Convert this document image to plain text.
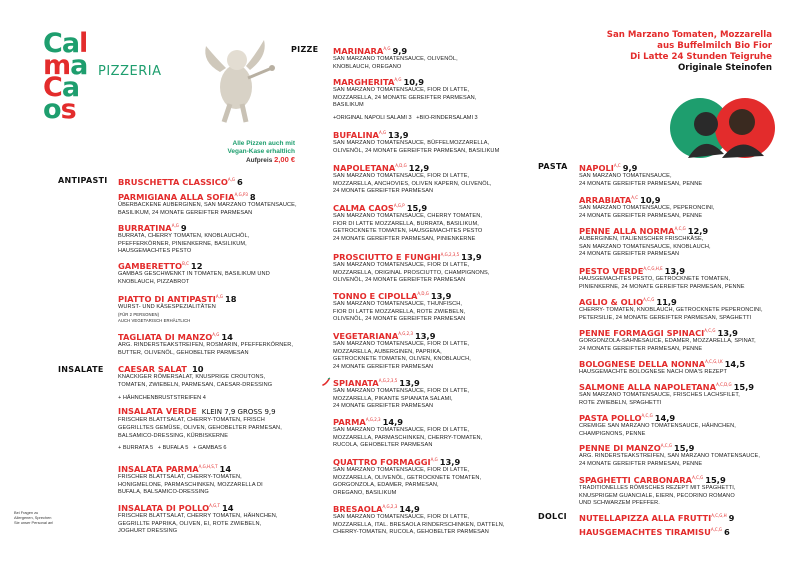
Cal
ma
Ca
os
PIZZERIA
Alle Pizzen auch mit
Vegan-Kase erhaltlich
Aufpreis 2,00 €
San Marzano Tomaten, Mozzarella
aus Buffelmilch Bio Fior
Di Latte 24 Stunden Teigruhe
Originale Steinofen
ANTIPASTI
INSALATE
PIZZE
PASTA
DOLCI
BRUSCHETTA $CLASSICO^{A,G}$ 6
PARMIGIANA ALLA $SOFIA^{A,G,P3}$ 8
ÜBERBACKENE AUBERGINEN, SAN MARZANO TOMATENSAUCE,
BASILIKUM, 24 MONATE GEREIFTER PARMESAN
$BURRATINA^{A,G}$ 9
BURRATA, CHERRY TOMATEN, KNOBLAUCHÖL,
PFEFFERKÖRNER, PINIENKERNE, BASILIKUM,
HAUSGEMACHTES PESTO
$GAMBERETTO^{B,C}$ 12
GAMBAS GESCHWENKT IN TOMATEN, BASILIKUM UND
KNOBLAUCH, PIZZABROT
PIATTO DI $ANTIPASTI^{A,G}$ 18
WURST- UND KÄSESPEZIALITÄTEN
(FÜR 2 PERSONEN)
AUCH VEGETARISCH ERHÄLTLICH
TAGLIATA DI $MANZO^{A,G}$ 14
ARG. RINDERSTEAKSTREIFEN, ROSMARIN, PFEFFERKÖRNER,
BUTTER, OLIVENÖL, GEHOBELTER PARMESAN
CAESAR SALAT 10
KNACKIGER RÖMERSALAT, KNUSPRIGE CROUTONS,
TOMATEN, ZWIEBELN, PARMESAN, CAESAR-DRESSING
+ HÄHNCHENBRUSTSTREIFEN 4
INSALATA VERDE KLEIN 7,9 GROSS 9,9
FRISCHER BLATTSALAT, CHERRY-TOMATEN, FRISCH
GEGRILLTES GEMÜSE, OLIVEN, GEHOBELTER PARMESAN,
BALSAMICO-DRESSING, KÜRBISKERNE
+ BURRATA 5 + BUFALA 5 + GAMBAS 6
INSALATA $PARMA^{A,G,H,S,T}$ 14
FRISCHER BLATTSALAT, CHERRY-TOMATEN,
HONIGMELONE, PARMASCHINKEN, MOZZARELLA DI
BUFALA, BALSAMICO-DRESSING
INSALATA DI $POLLO^{A,G,T}$ 14
FRISCHER BLATTSALAT, CHERRY TOMATEN, HÄHNCHEN,
GEGRILLTE PAPRIKA, OLIVEN, EI, ROTE ZWIEBELN,
JOGHURT DRESSING
$MARINARA^{A,G}$ 9,9
SAN MARZANO TOMATENSAUCE, OLIVENÖL,
KNOBLAUCH, OREGANO
$MARGHERITA^{A,G}$ 10,9
SAN MARZANO TOMATENSAUCE, FIOR DI LATTE,
MOZZARELLA, 24 MONATE GEREIFTER PARMESAN,
BASILIKUM
+ORIGINAL NAPOLI SALAMI 3 +BIO-RINDERSALAMI 3
$BUFALINA^{A,G}$ 13,9
SAN MARZANO TOMATENSAUCE, BÜFFELMOZZARELLA,
OLIVENÖL, 24 MONATE GEREIFTER PARMESAN, BASILIKUM
$NAPOLETANA^{A,D,G}$ 12,9
SAN MARZANO TOMATENSAUCE, FIOR DI LATTE,
MOZZARELLA, ANCHOVIES, OLIVEN KAPERN, OLIVENÖL,
24 MONATE GEREIFTER PARMESAN
CALMA $CAOS^{A,G,P}$ 15,9
SAN MARZANO TOMATENSAUCE, CHERRY TOMATEN,
FIOR DI LATTE MOZZARELLA, BURRATA, BASILIKUM,
GETROCKNETE TOMATEN, HAUSGEMACHTES PESTO
24 MONATE GEREIFTER PARMESAN, PINIENKERNE
PROSCIUTTO E $FUNGHI^{A,G,2,3,5}$ 13,9
SAN MARZANO TOMATENSAUCE, FIOR DI LATTE,
MOZZARELLA, ORIGINAL PROSCIUTTO, CHAMPIGNONS,
OLIVENÖL, 24 MONATE GEREIFTER PARMESAN
TONNO E $CIPOLLA^{A,D,G}$ 13,9
SAN MARZANO TOMATENSAUCE, THUNFISCH,
FIOR DI LATTE MOZZARELLA, ROTE ZWIEBELN,
OLIVENÖL, 24 MONATE GEREIFTER PARMESAN
$VEGETARIANA^{A,G,2,3}$ 13,9
SAN MARZANO TOMATENSAUCE, FIOR DI LATTE,
MOZZARELLA, AUBERGINEN, PAPRIKA,
GETROCKNETE TOMATEN, OLIVEN, KNOBLAUCH,
24 MONATE GEREIFTER PARMESAN
$SPIANATA^{A,G,2,3,5}$ 13,9
SAN MARZANO TOMATENSAUCE, FIOR DI LATTE,
MOZZARELLA, PIKANTE SPIANATA SALAMI,
24 MONATE GEREIFTER PARMESAN
$PARMA^{A,G,2,3}$ 14,9
SAN MARZANO TOMATENSAUCE, FIOR DI LATTE,
MOZZARELLA, PARMASCHINKEN, CHERRY-TOMATEN,
RUCOLA, GEHOBELTER PARMESAN
QUATTRO $FORMAGGI^{A,G}$ 13,9
SAN MARZANO TOMATENSAUCE, FIOR DI LATTE,
MOZZARELLA, OLIVENÖL, GETROCKNETE TOMATEN,
GORGONZOLA, EDAMER, PARMESAN,
OREGANO, BASILIKUM
$BRESAOLA^{A,G,2,3}$ 14,9
SAN MARZANO TOMATENSAUCE, FIOR DI LATTE,
MOZZARELLA, ITAL. BRESAOLA RINDERSCHINKEN, DATTELN,
CHERRY-TOMATEN, RUCOLA, GEHOBELTER PARMESAN
$NAPOLI^{A,C}$ 9,9
SAN MARZANO TOMATENSAUCE,
24 MONATE GEREIFTER PARMESAN, PENNE
$ARRABIATA^{A,C}$ 10,9
SAN MARZANO TOMATENSAUCE, PEPERONCINI,
24 MONATE GEREIFTER PARMESAN, PENNE
PENNE ALLA $NORMA^{A,C,G}$ 12,9
AUBERGINEN, ITALIENISCHER FRISCHKÄSE,
SAN MARZANO TOMATENSAUCE, KNOBLAUCH,
24 MONATE GEREIFTER PARMESAN
PESTO $VERDE^{A,C,G,H,E}$ 13,9
HAUSGEMACHTES PESTO, GETROCKNETE TOMATEN,
PINIENKERNE, 24 MONATE GEREIFTER PARMESAN, PENNE
AGLIO & $OLIO^{A,C,G}$ 11,9
CHERRY- TOMATEN, KNOBLAUCH, GETROCKNETE PEPERONCINI,
PETERSILIE, 24 MONATE GEREIFTER PARMESAN, SPAGHETTI
PENNE FORMAGGI $SPINACI^{A,C,G}$ 13,9
GORGONZOLA-SAHNESAUCE, EDAMER, MOZZARELLA, SPINAT,
24 MONATE GEREIFTER PARMESAN, PENNE
BOLOGNESE DELLA $NONNA^{A,C,G,I,K}$ 14,5
HAUSGEMACHTE BOLOGNESE NACH OMA'S REZEPT
SALMONE ALLA $NAPOLETANA^{A,C,D,G}$ 15,9
SAN MARZANO TOMATENSAUCE, FRISCHES LACHSFILET,
ROTE ZWIEBELN, SPAGHETTI
PASTA $POLLO^{A,C,G}$ 14,9
CREMIGE SAN MARZANO TOMATENSAUCE, HÄHNCHEN,
CHAMPIGNONS, PENNE
PENNE DI $MANZO^{A,C,G}$ 15,9
ARG. RINDERSTEAKSTREIFEN, SAN MARZANO TOMATENSAUCE,
24 MONATE GEREIFTER PARMESAN, PENNE
SPAGHETTI $CARBONARA^{A,C,G}$ 15,9
TRADITIONELLES RÖMISCHES REZEPT MIT SPAGHETTI,
KNUSPRIGEM GUANCIALE, EIERN, PECORINO ROMANO
UND SCHWARZEM PFEFFER.
NUTELLAPIZZA ALLA $FRUTTI^{A,C,G,H}$ 9
HAUSGEMACHTES $TIRAMISU^{A,C,G}$ 6
Bei Fragen zu Allergenen, Sprechen Sie unser Personal an!
